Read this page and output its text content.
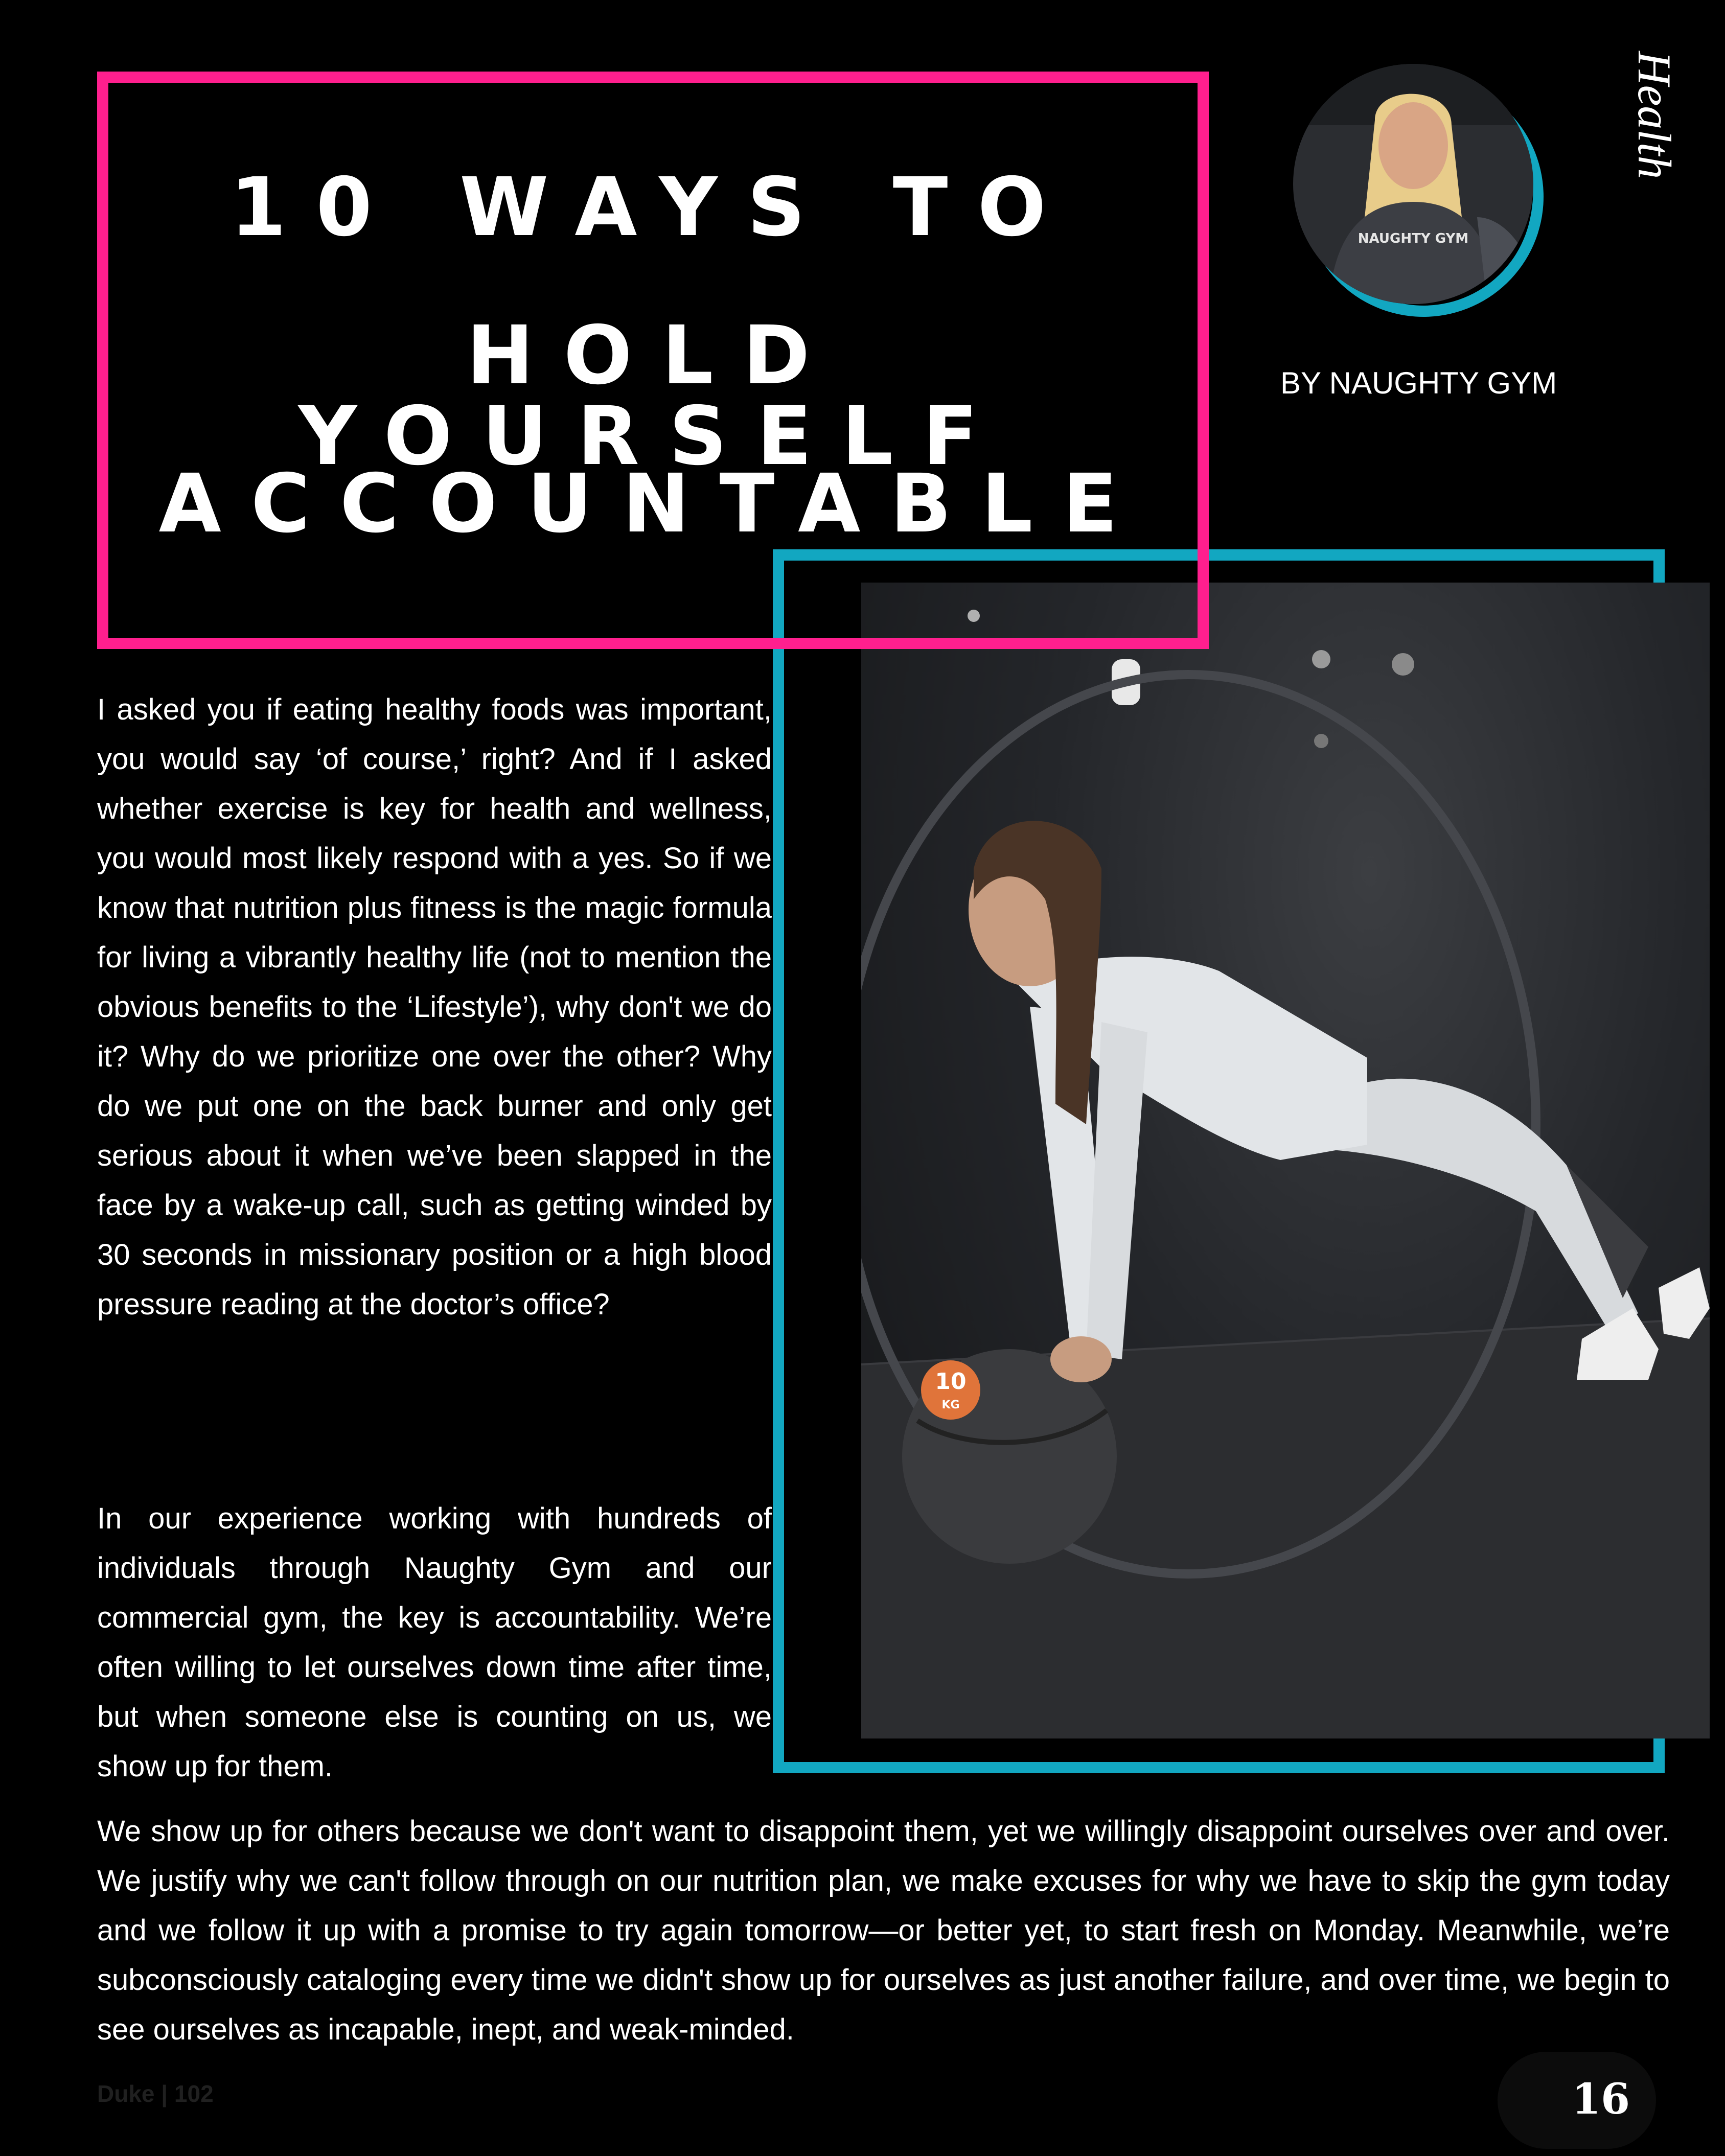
10 WAYS TO
HOLD YOURSELF
ACCOUNTABLE
10
KG
NAUGHTY GYM
BY NAUGHTY GYM
Health

I asked you if eating healthy foods was important, you would say ‘of course,’ right? And if I asked whether exercise is key for health and wellness, you would most likely respond with a yes. So if we know that nutrition plus fitness is the magic formula for living a vibrantly healthy life (not to mention the obvious benefits to the ‘Lifestyle’), why don't we do it? Why do we prioritize one over the other? Why do we put one on the back burner and only get serious about it when we’ve been slapped in the face by a wake-up call, such as getting winded by 30 seconds in missionary position or a high blood pressure reading at the doctor’s office?

In our experience working with hundreds of individuals through Naughty Gym and our commercial gym, the key is accountability. We’re often willing to let ourselves down time after time, but when someone else is counting on us, we show up for them.

We show up for others because we don't want to disappoint them, yet we willingly disappoint ourselves over and over. We justify why we can't follow through on our nutrition plan, we make excuses for why we have to skip the gym today and we follow it up with a promise to try again tomorrow—or better yet, to start fresh on Monday. Meanwhile, we’re subconsciously cataloging every time we didn't show up for ourselves as just another failure, and over time, we begin to see ourselves as incapable, inept, and weak-minded.

Duke | 102	16
